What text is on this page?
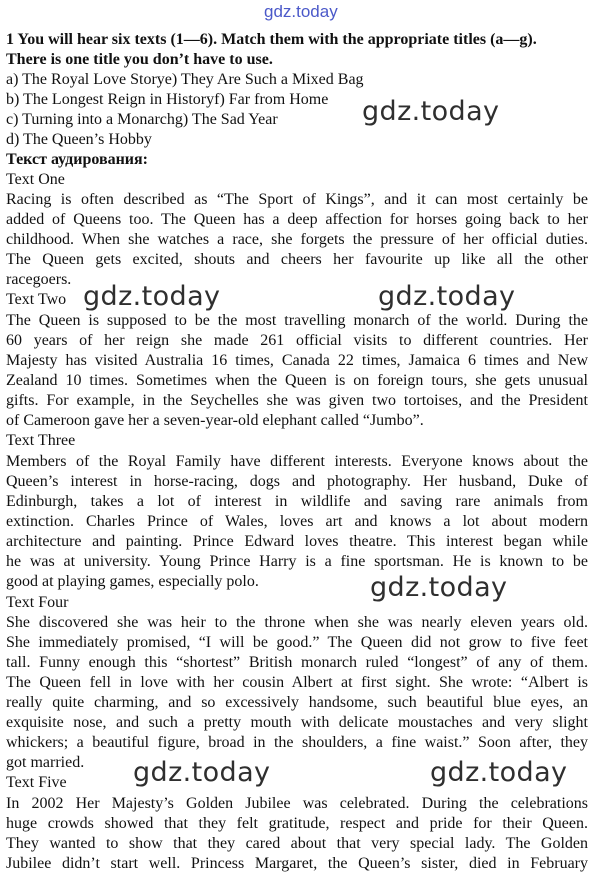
gdz.today
1 You will hear six texts (1—6). Match them with the appropriate titles (a—g).
There is one title you don’t have to use.
a) The Royal Love Storye) They Are Such a Mixed Bag
b) The Longest Reign in Historyf) Far from Home
c) Turning into a Monarchg) The Sad Year
d) The Queen’s Hobby
Текст аудирования:
Text One
Racing is often described as “The Sport of Kings”, and it can most certainly be
added of Queens too. The Queen has a deep affection for horses going back to her
childhood. When she watches a race, she forgets the pressure of her official duties.
The Queen gets excited, shouts and cheers her favourite up like all the other
racegoers.
Text Two
The Queen is supposed to be the most travelling monarch of the world. During the
60 years of her reign she made 261 official visits to different countries. Her
Majesty has visited Australia 16 times, Canada 22 times, Jamaica 6 times and New
Zealand 10 times. Sometimes when the Queen is on foreign tours, she gets unusual
gifts. For example, in the Seychelles she was given two tortoises, and the President
of Cameroon gave her a seven-year-old elephant called “Jumbo”.
Text Three
Members of the Royal Family have different interests. Everyone knows about the
Queen’s interest in horse-racing, dogs and photography. Her husband, Duke of
Edinburgh, takes a lot of interest in wildlife and saving rare animals from
extinction. Charles Prince of Wales, loves art and knows a lot about modern
architecture and painting. Prince Edward loves theatre. This interest began while
he was at university. Young Prince Harry is a fine sportsman. He is known to be
good at playing games, especially polo.
Text Four
She discovered she was heir to the throne when she was nearly eleven years old.
She immediately promised, “I will be good.” The Queen did not grow to five feet
tall. Funny enough this “shortest” British monarch ruled “longest” of any of them.
The Queen fell in love with her cousin Albert at first sight. She wrote: “Albert is
really quite charming, and so excessively handsome, such beautiful blue eyes, an
exquisite nose, and such a pretty mouth with delicate moustaches and very slight
whickers; a beautiful figure, broad in the shoulders, a fine waist.” Soon after, they
got married.
Text Five
In 2002 Her Majesty’s Golden Jubilee was celebrated. During the celebrations
huge crowds showed that they felt gratitude, respect and pride for their Queen.
They wanted to show that they cared about that very special lady. The Golden
Jubilee didn’t start well. Princess Margaret, the Queen’s sister, died in February
gdz.today
gdz.today	gdz.today
gdz.today
gdz.today	gdz.today
